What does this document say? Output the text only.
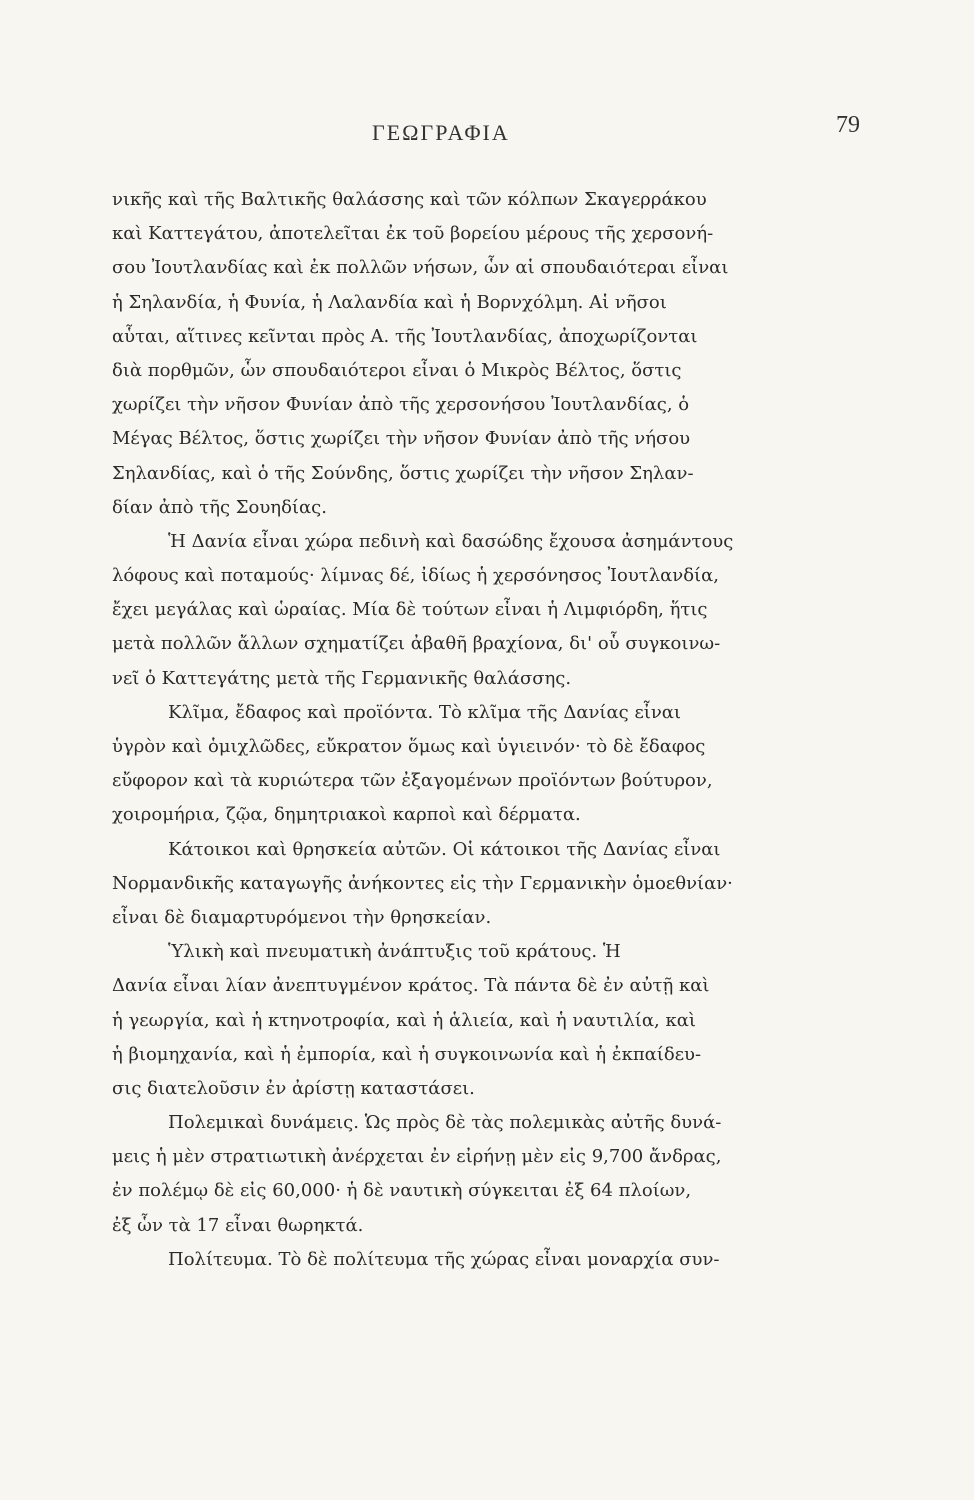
ΓΕΩΓΡΑΦΙΑ	79
νικῆς καὶ τῆς Βαλτικῆς θαλάσσης καὶ τῶν κόλπων Σκαγερράκου
καὶ Καττεγάτου, ἀποτελεῖται ἐκ τοῦ βορείου μέρους τῆς χερσονή-
σου Ἰουτλανδίας καὶ ἐκ πολλῶν νήσων, ὧν αἱ σπουδαιότεραι εἶναι
ἡ Σηλανδία, ἡ Φυνία, ἡ Λαλανδία καὶ ἡ Βορνχόλμη. Αἱ νῆσοι
αὗται, αἵτινες κεῖνται πρὸς Α. τῆς Ἰουτλανδίας, ἀποχωρίζονται
διὰ πορθμῶν, ὧν σπουδαιότεροι εἶναι ὁ Μικρὸς Βέλτος, ὅστις
χωρίζει τὴν νῆσον Φυνίαν ἀπὸ τῆς χερσονήσου Ἰουτλανδίας, ὁ
Μέγας Βέλτος, ὅστις χωρίζει τὴν νῆσον Φυνίαν ἀπὸ τῆς νήσου
Σηλανδίας, καὶ ὁ τῆς Σούνδης, ὅστις χωρίζει τὴν νῆσον Σηλαν-
δίαν ἀπὸ τῆς Σουηδίας.
Ἡ Δανία εἶναι χώρα πεδινὴ καὶ δασώδης ἔχουσα ἀσημάντους
λόφους καὶ ποταμούς· λίμνας δέ, ἰδίως ἡ χερσόνησος Ἰουτλανδία,
ἔχει μεγάλας καὶ ὡραίας. Μία δὲ τούτων εἶναι ἡ Λιμφιόρδη, ἥτις
μετὰ πολλῶν ἄλλων σχηματίζει ἀβαθῆ βραχίονα, δι' οὗ συγκοινω-
νεῖ ὁ Καττεγάτης μετὰ τῆς Γερμανικῆς θαλάσσης.
Κλῖμα, ἔδαφος καὶ προϊόντα. Τὸ κλῖμα τῆς Δανίας εἶναι
ὑγρὸν καὶ ὁμιχλῶδες, εὔκρατον ὅμως καὶ ὑγιεινόν· τὸ δὲ ἔδαφος
εὔφορον καὶ τὰ κυριώτερα τῶν ἐξαγομένων προϊόντων βούτυρον,
χοιρομήρια, ζῷα, δημητριακοὶ καρποὶ καὶ δέρματα.
Κάτοικοι καὶ θρησκεία αὐτῶν. Οἱ κάτοικοι τῆς Δανίας εἶναι
Νορμανδικῆς καταγωγῆς ἀνήκοντες εἰς τὴν Γερμανικὴν ὁμοεθνίαν·
εἶναι δὲ διαμαρτυρόμενοι τὴν θρησκείαν.
Ὑλικὴ καὶ πνευματικὴ ἀνάπτυξις τοῦ κράτους. Ἡ
Δανία εἶναι λίαν ἀνεπτυγμένον κράτος. Τὰ πάντα δὲ ἐν αὐτῇ καὶ
ἡ γεωργία, καὶ ἡ κτηνοτροφία, καὶ ἡ ἁλιεία, καὶ ἡ ναυτιλία, καὶ
ἡ βιομηχανία, καὶ ἡ ἐμπορία, καὶ ἡ συγκοινωνία καὶ ἡ ἐκπαίδευ-
σις διατελοῦσιν ἐν ἀρίστῃ καταστάσει.
Πολεμικαὶ δυνάμεις. Ὡς πρὸς δὲ τὰς πολεμικὰς αὐτῆς δυνά-
μεις ἡ μὲν στρατιωτικὴ ἀνέρχεται ἐν εἰρήνῃ μὲν εἰς 9,700 ἄνδρας,
ἐν πολέμῳ δὲ εἰς 60,000· ἡ δὲ ναυτικὴ σύγκειται ἐξ 64 πλοίων,
ἐξ ὧν τὰ 17 εἶναι θωρηκτά.
Πολίτευμα. Τὸ δὲ πολίτευμα τῆς χώρας εἶναι μοναρχία συν-
